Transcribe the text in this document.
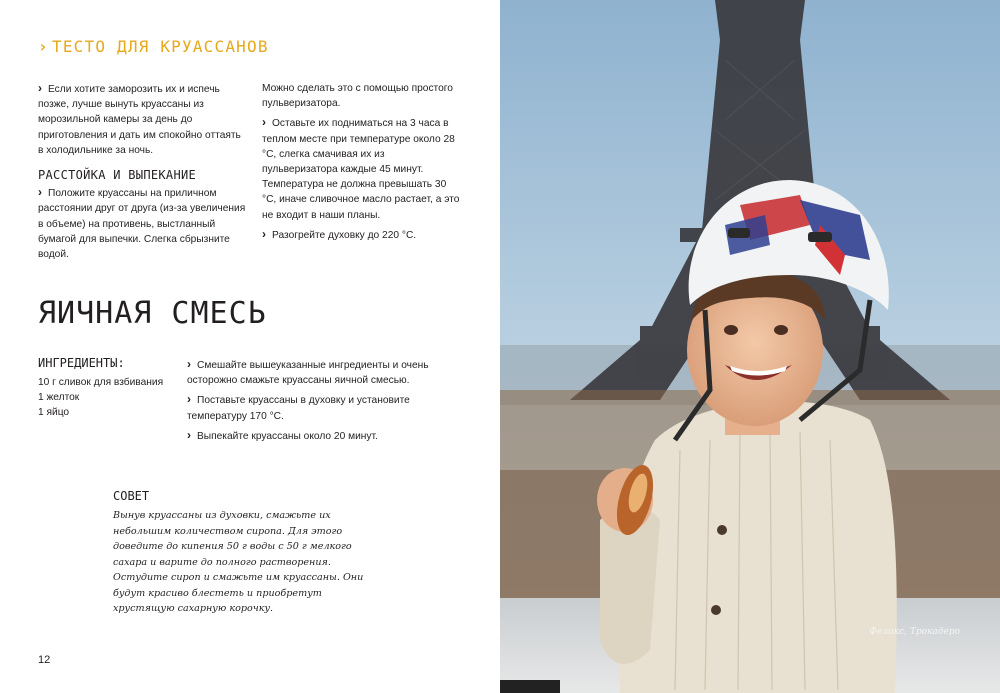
› ТЕСТО ДЛЯ КРУАССАНОВ

› Если хотите заморозить их и испечь позже, лучше вынуть круассаны из морозильной камеры за день до приготовления и дать им спокойно оттаять в холодильнике за ночь.

РАССТОЙКА И ВЫПЕКАНИЕ

› Положите круассаны на приличном расстоянии друг от друга (из-за увеличения в объеме) на противень, выстланный бумагой для выпечки. Слегка сбрызните водой.

Можно сделать это с помощью простого пульверизатора.

› Оставьте их подниматься на 3 часа в теплом месте при температуре около 28 °С, слегка смачивая их из пульверизатора каждые 45 минут. Температура не должна превышать 30 °С, иначе сливочное масло растает, а это не входит в наши планы.

› Разогрейте духовку до 220 °С.

ЯИЧНАЯ СМЕСЬ
ИНГРЕДИЕНТЫ:
10 г сливок для взбивания
1 желток
1 яйцо

› Смешайте вышеуказанные ингредиенты и очень осторожно смажьте круассаны яичной смесью.

› Поставьте круассаны в духовку и установите температуру 170 °С.

› Выпекайте круассаны около 20 минут.

СОВЕТ
Вынув круассаны из духовки, смажьте их небольшим количеством сиропа. Для этого доведите до кипения 50 г воды с 50 г мелкого сахара и варите до полного растворения. Остудите сироп и смажьте им круассаны. Они будут красиво блестеть и приобретут хрустящую сахарную корочку.
12
Феликс, Трокадеро
